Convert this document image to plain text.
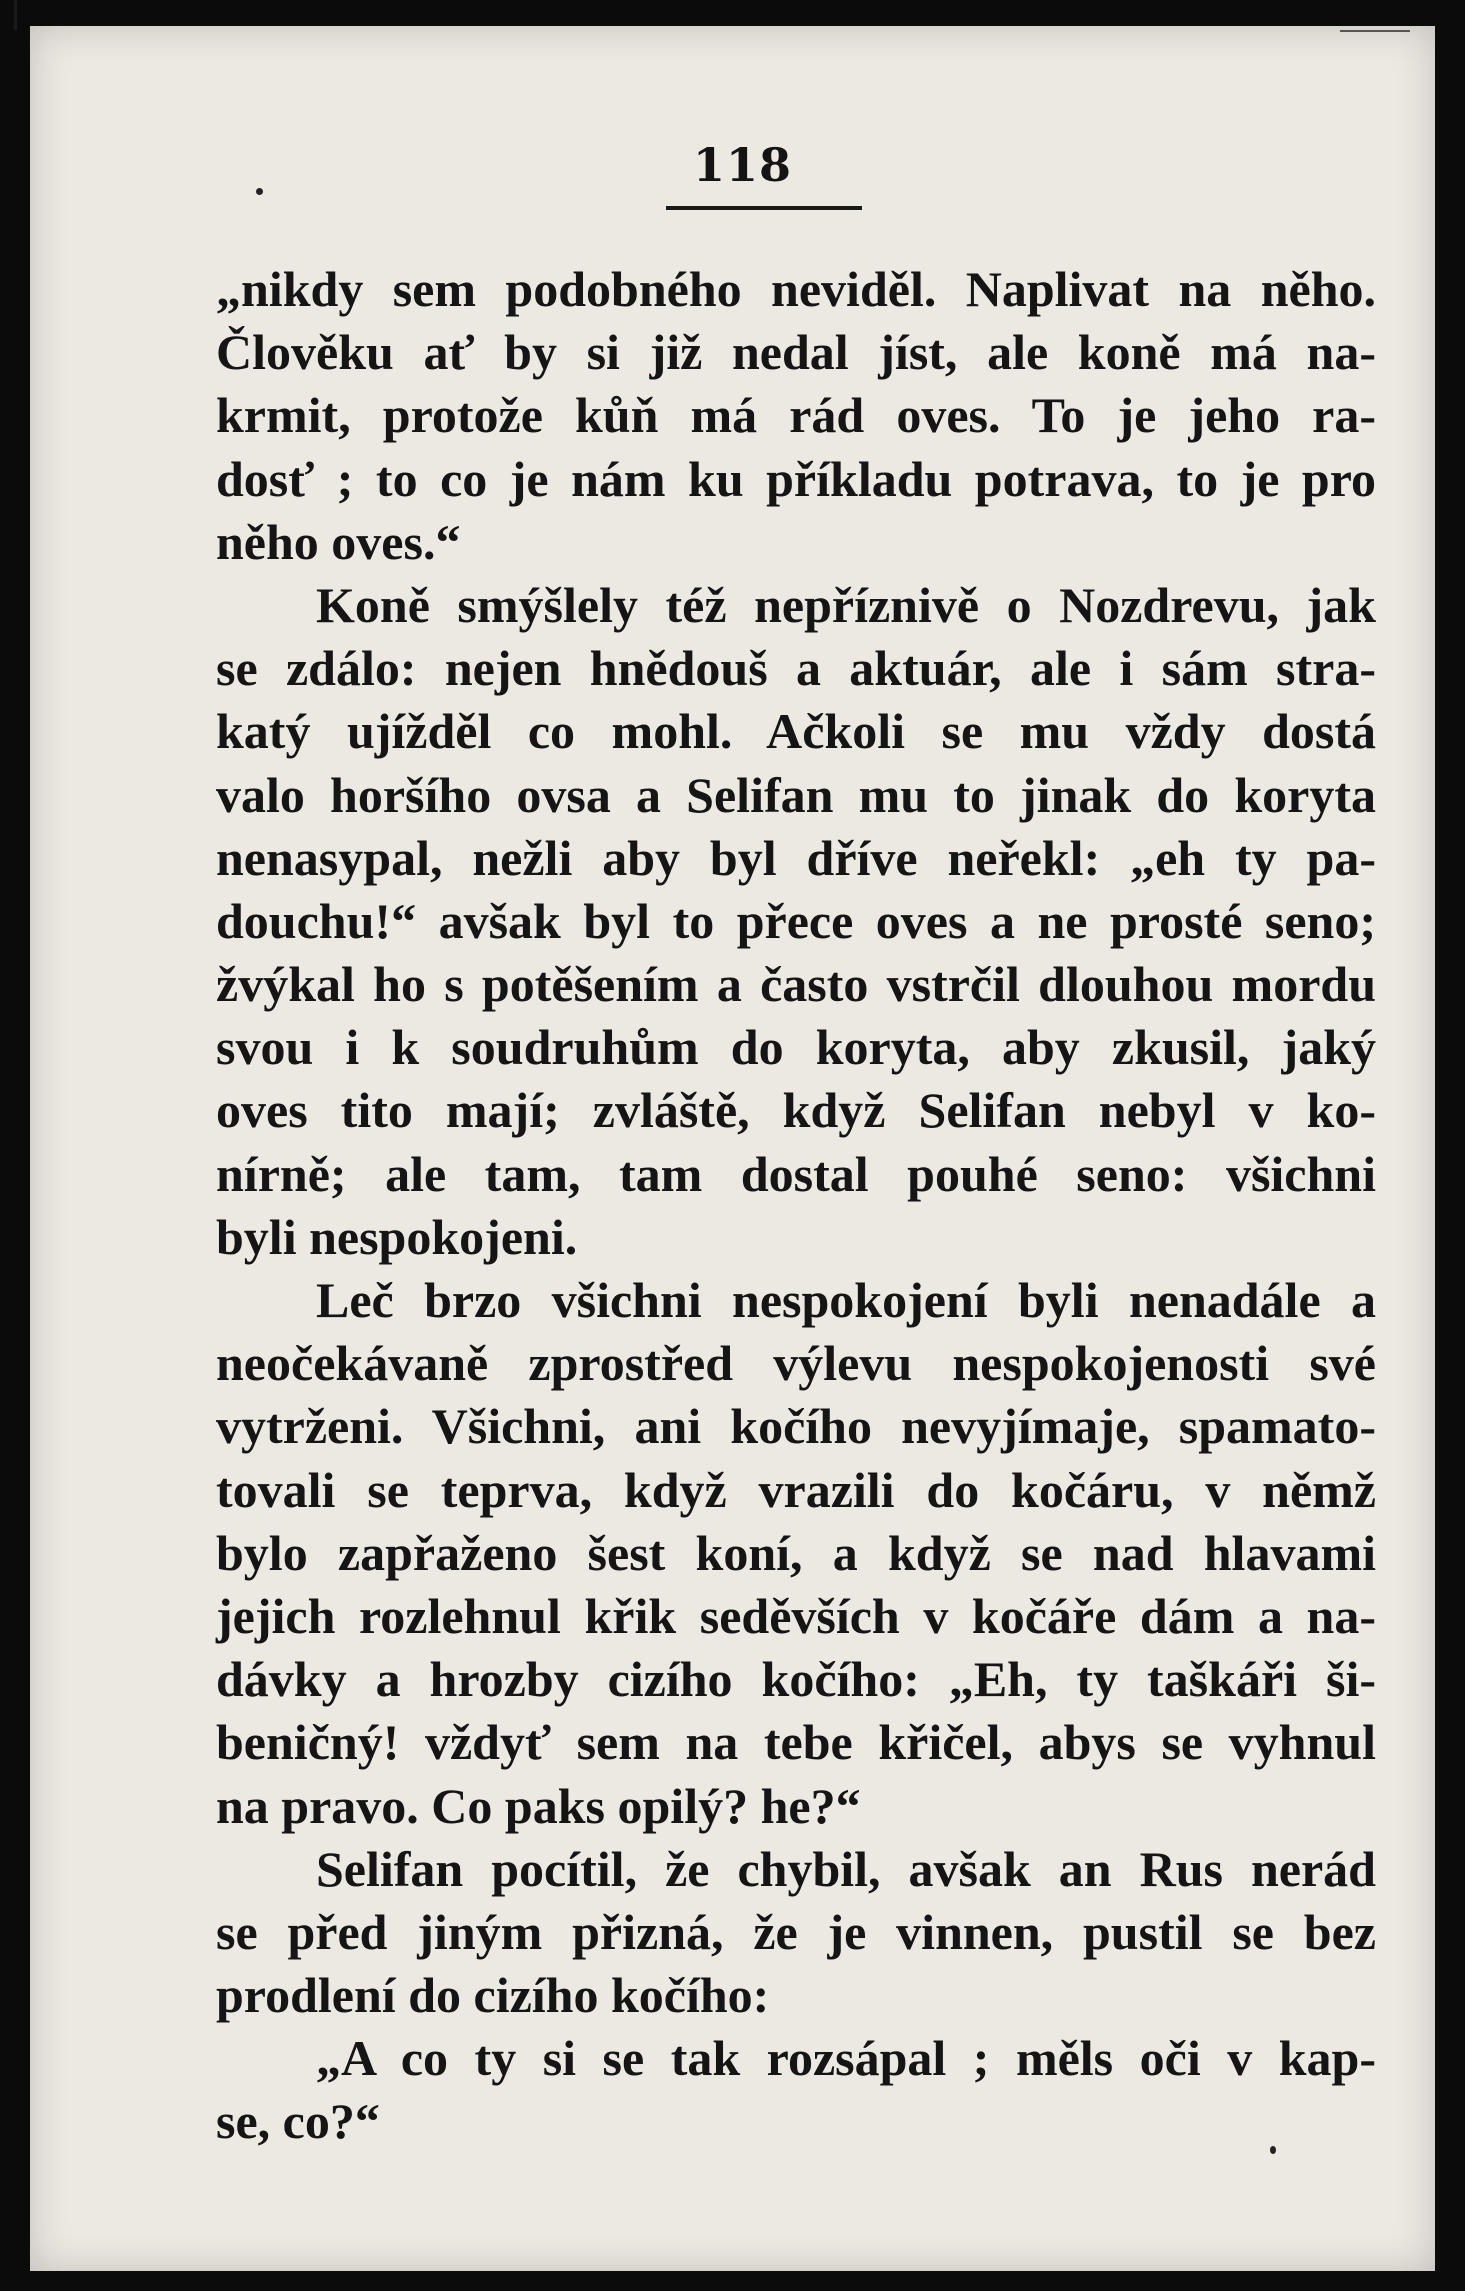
118
„nikdy sem podobného neviděl. Naplivat na něho.
Člověku ať by si již nedal jíst, ale koně má na-
krmit, protože kůň má rád oves. To je jeho ra-
dosť ; to co je nám ku příkladu potrava, to je pro
něho oves.“
Koně smýšlely též nepříznivě o Nozdrevu, jak
se zdálo: nejen hnědouš a aktuár, ale i sám stra-
katý ujížděl co mohl. Ačkoli se mu vždy dostá
valo horšího ovsa a Selifan mu to jinak do koryta
nenasypal, nežli aby byl dříve neřekl: „eh ty pa-
douchu!“ avšak byl to přece oves a ne prosté seno;
žvýkal ho s potěšením a často vstrčil dlouhou mordu
svou i k soudruhům do koryta, aby zkusil, jaký
oves tito mají; zvláště, když Selifan nebyl v ko-
nírně; ale tam, tam dostal pouhé seno: všichni
byli nespokojeni.
Leč brzo všichni nespokojení byli nenadále a
neočekávaně zprostřed výlevu nespokojenosti své
vytrženi. Všichni, ani kočího nevyjímaje, spamato-
tovali se teprva, když vrazili do kočáru, v němž
bylo zapřaženo šest koní, a když se nad hlavami
jejich rozlehnul křik seděvších v kočáře dám a na-
dávky a hrozby cizího kočího: „Eh, ty taškáři ši-
beničný! vždyť sem na tebe křičel, abys se vyhnul
na pravo. Co paks opilý? he?“
Selifan pocítil, že chybil, avšak an Rus nerád
se před jiným přizná, že je vinnen, pustil se bez
prodlení do cizího kočího:
„A co ty si se tak rozsápal ; měls oči v kap-
se, co?“
